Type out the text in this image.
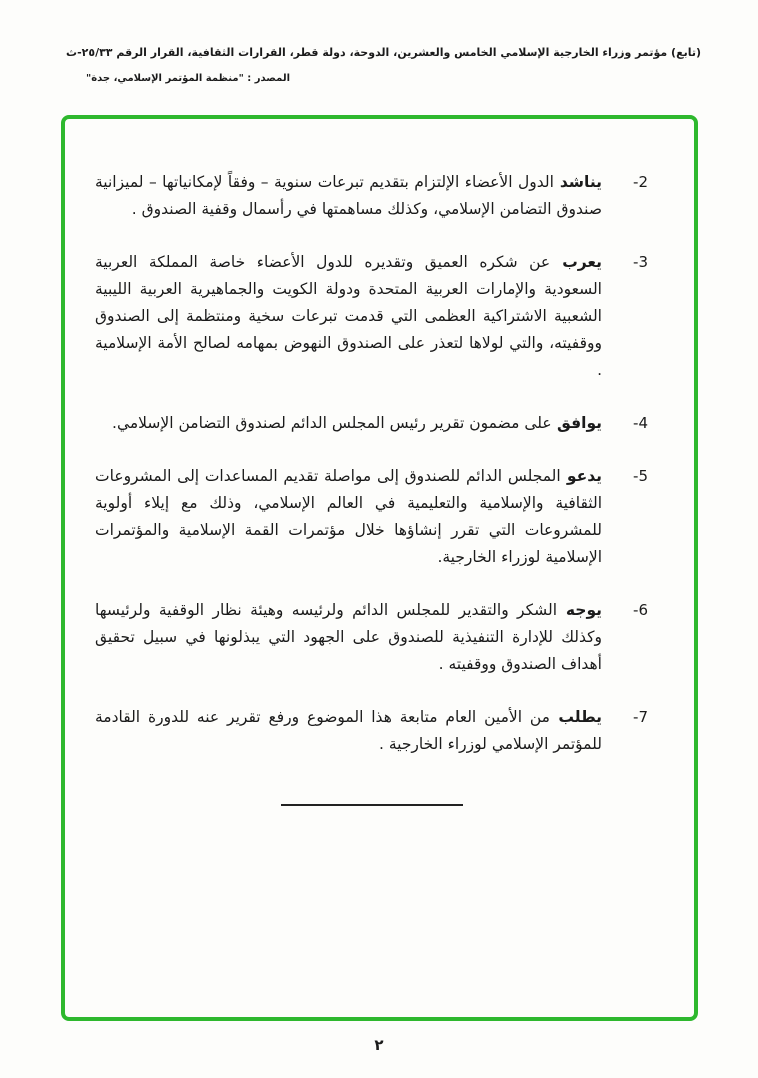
(تابع) مؤتمر وزراء الخارجية الإسلامي الخامس والعشرين، الدوحة، دولة قطر، القرارات الثقافية، القرار الرقم ٢٥/٣٣-ث
المصدر : "منظمة المؤتمر الإسلامي، جدة"
-2
يناشد الدول الأعضاء الإلتزام بتقديم تبرعات سنوية – وفقاً لإمكانياتها – لميزانية صندوق التضامن الإسلامي، وكذلك مساهمتها في رأسمال وقفية الصندوق .
-3
يعرب عن شكره العميق وتقديره للدول الأعضاء خاصة المملكة العربية السعودية والإمارات العربية المتحدة ودولة الكويت والجماهيرية العربية الليبية الشعبية الاشتراكية العظمى التي قدمت تبرعات سخية ومنتظمة إلى الصندوق ووقفيته، والتي لولاها لتعذر على الصندوق النهوض بمهامه لصالح الأمة الإسلامية .
-4
يوافق على مضمون تقرير رئيس المجلس الدائم لصندوق التضامن الإسلامي.
-5
يدعو المجلس الدائم للصندوق إلى مواصلة تقديم المساعدات إلى المشروعات الثقافية والإسلامية والتعليمية في العالم الإسلامي، وذلك مع إيلاء أولوية للمشروعات التي تقرر إنشاؤها خلال مؤتمرات القمة الإسلامية والمؤتمرات الإسلامية لوزراء الخارجية.
-6
يوجه الشكر والتقدير للمجلس الدائم ولرئيسه وهيئة نظار الوقفية ولرئيسها وكذلك للإدارة التنفيذية للصندوق على الجهود التي يبذلونها في سبيل تحقيق أهداف الصندوق ووقفيته .
-7
يطلب من الأمين العام متابعة هذا الموضوع ورفع تقرير عنه للدورة القادمة للمؤتمر الإسلامي لوزراء الخارجية .
٢
